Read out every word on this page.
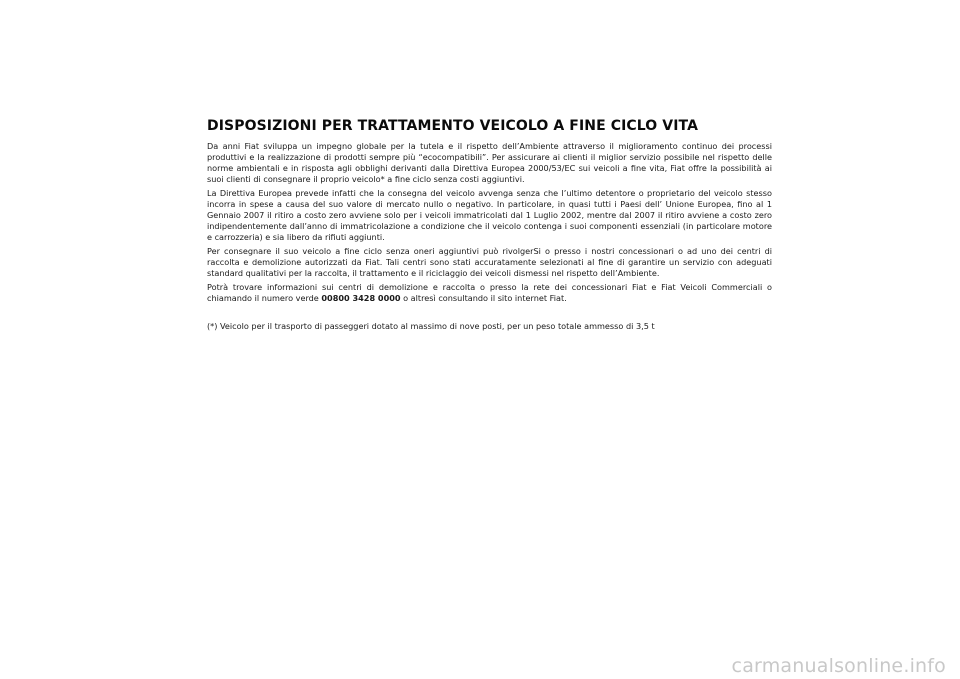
DISPOSIZIONI PER TRATTAMENTO VEICOLO A FINE CICLO VITA

Da anni Fiat sviluppa un impegno globale per la tutela e il rispetto dell’Ambiente attraverso il miglioramento continuo dei processi produttivi e la realizzazione di prodotti sempre più “ecocompatibili”. Per assicurare ai clienti il miglior servizio possibile nel rispetto delle norme ambientali e in risposta agli obblighi derivanti dalla Direttiva Europea 2000/53/EC sui veicoli a fine vita, Fiat offre la possibilità ai suoi clienti di consegnare il proprio veicolo* a fine ciclo senza costi aggiuntivi.

La Direttiva Europea prevede infatti che la consegna del veicolo avvenga senza che l’ultimo detentore o proprietario del veicolo stesso incorra in spese a causa del suo valore di mercato nullo o negativo. In particolare, in quasi tutti i Paesi dell’ Unione Europea, fino al 1 Gennaio 2007 il ritiro a costo zero avviene solo per i veicoli immatricolati dal 1 Luglio 2002, mentre dal 2007 il ritiro avviene a costo zero indipendentemente dall’anno di immatricolazione a condizione che il veicolo contenga i suoi componenti essenziali (in particolare motore e carrozzeria) e sia libero da rifiuti aggiunti.

Per consegnare il suo veicolo a fine ciclo senza oneri aggiuntivi può rivolgerSi o presso i nostri concessionari o ad uno dei centri di raccolta e demolizione autorizzati da Fiat. Tali centri sono stati accuratamente selezionati al fine di garantire un servizio con adeguati standard qualitativi per la raccolta, il trattamento e il riciclaggio dei veicoli dismessi nel rispetto dell’Ambiente.

Potrà trovare informazioni sui centri di demolizione e raccolta o presso la rete dei concessionari Fiat e Fiat Veicoli Commerciali o chiamando il numero verde 00800 3428 0000 o altresì consultando il sito internet Fiat.

(*) Veicolo per il trasporto di passeggeri dotato al massimo di nove posti, per un peso totale ammesso di 3,5 t
carmanualsonline.info
